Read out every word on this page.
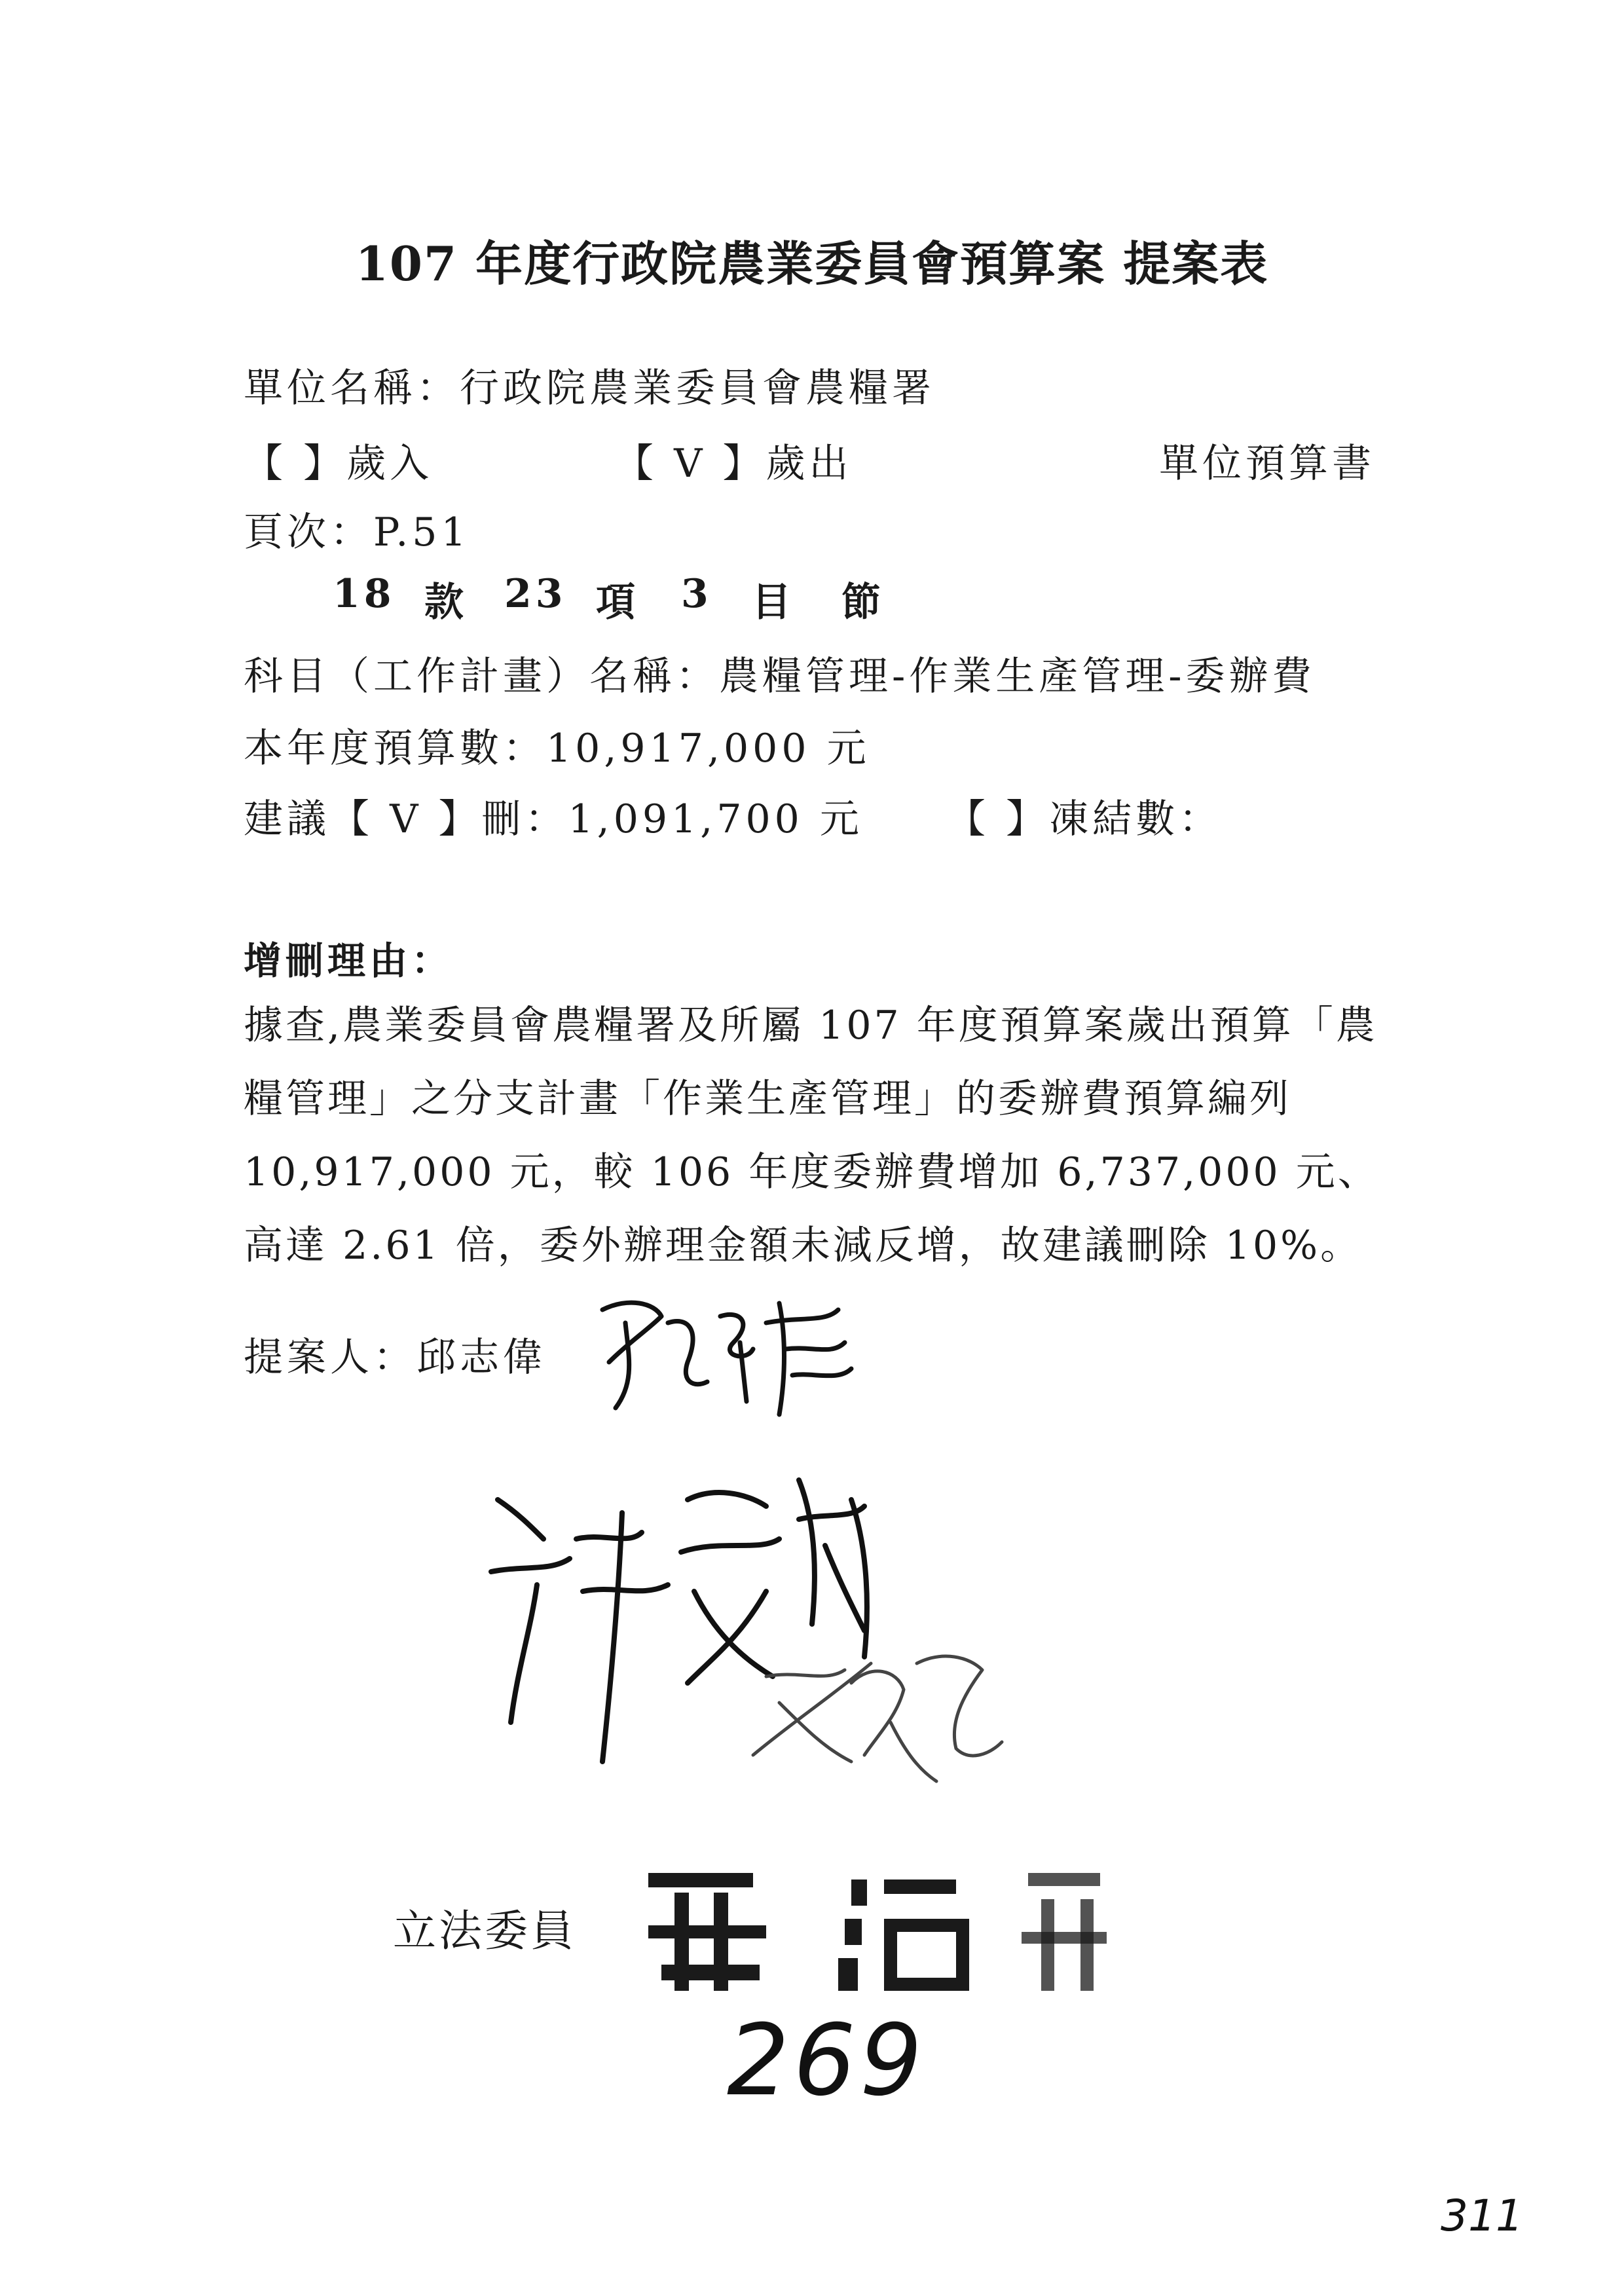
107 年度行政院農業委員會預算案 提案表
單位名稱：行政院農業委員會農糧署
【 】歲入	【 V 】歲出	單位預算書
頁次：P.51
18 款 23 項 3 目 節
科目（工作計畫）名稱：農糧管理-作業生產管理-委辦費
本年度預算數：10,917,000 元
建議【 V 】刪：1,091,700 元 【 】凍結數：
增刪理由：
據查,農業委員會農糧署及所屬 107 年度預算案歲出預算「農糧管理」之分支計畫「作業生產管理」的委辦費預算編列 10,917,000 元，較 106 年度委辦費增加 6,737,000 元、高達 2.61 倍，委外辦理金額未減反增，故建議刪除 10%。
提案人：邱志偉
立法委員
269
311
